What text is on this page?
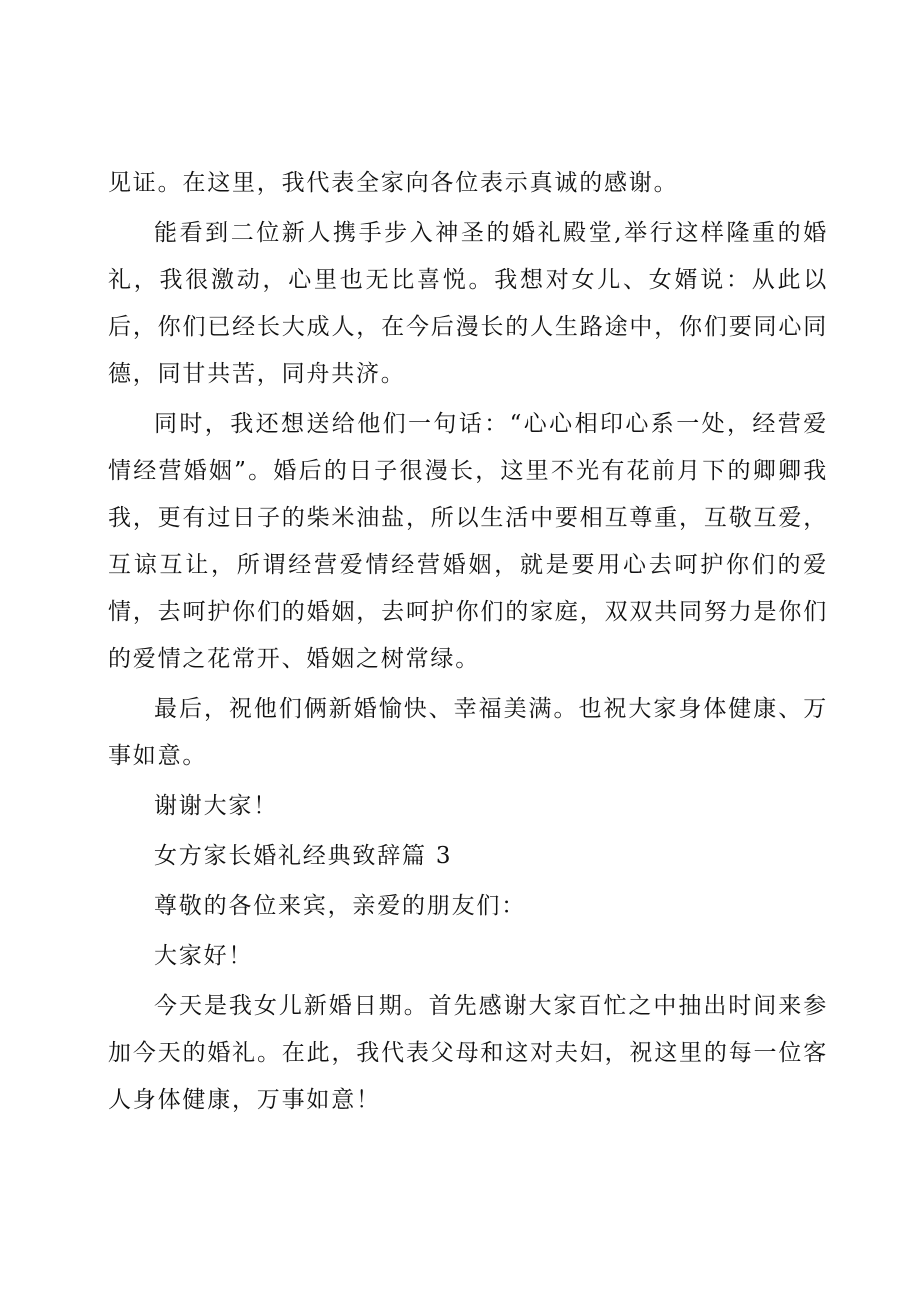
见证。在这里，我代表全家向各位表示真诚的感谢。

能看到二位新人携手步入神圣的婚礼殿堂,举行这样隆重的婚礼，我很激动，心里也无比喜悦。我想对女儿、女婿说：从此以后，你们已经长大成人，在今后漫长的人生路途中，你们要同心同德，同甘共苦，同舟共济。

同时，我还想送给他们一句话：“心心相印心系一处，经营爱情经营婚姻”。婚后的日子很漫长，这里不光有花前月下的卿卿我我，更有过日子的柴米油盐，所以生活中要相互尊重，互敬互爱，互谅互让，所谓经营爱情经营婚姻，就是要用心去呵护你们的爱情，去呵护你们的婚姻，去呵护你们的家庭，双双共同努力是你们的爱情之花常开、婚姻之树常绿。

最后，祝他们俩新婚愉快、幸福美满。也祝大家身体健康、万事如意。

谢谢大家！

女方家长婚礼经典致辞篇 3

尊敬的各位来宾，亲爱的朋友们：

大家好！

今天是我女儿新婚日期。首先感谢大家百忙之中抽出时间来参加今天的婚礼。在此，我代表父母和这对夫妇，祝这里的每一位客人身体健康，万事如意！
